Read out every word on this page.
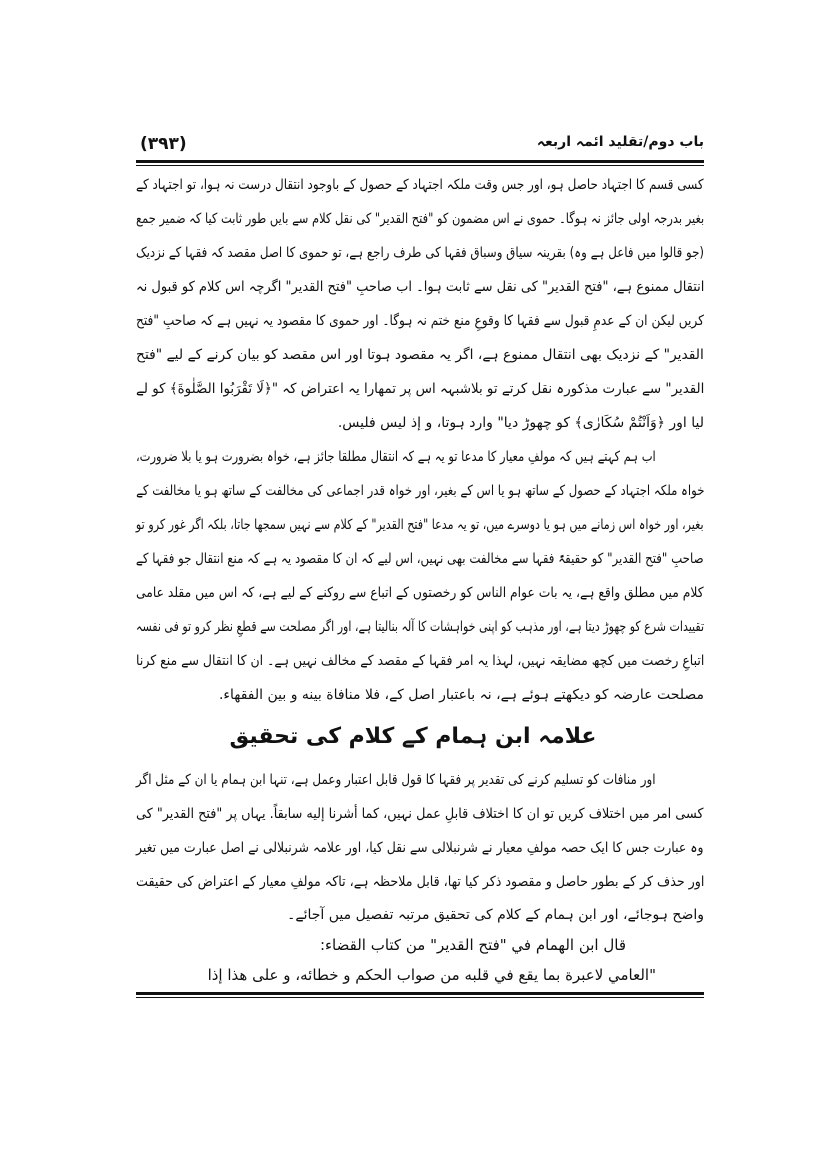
(۳۹۳)	باب دوم/تقلید ائمہ اربعہ
کسی قسم کا اجتہاد حاصل ہو، اور جس وقت ملکہ اجتہاد کے حصول کے باوجود انتقال درست نہ ہوا، تو اجتہاد کے
بغیر بدرجہ اولی جائز نہ ہوگا۔ حموی نے اس مضمون کو "فتح القدیر" کی نقل کلام سے بایں طور ثابت کیا کہ ضمیر جمع
(جو قالوا میں فاعل ہے وہ) بقرینہ سیاق وسباق فقہا کی طرف راجع ہے، تو حموی کا اصل مقصد کہ فقہا کے نزدیک
انتقال ممنوع ہے، "فتح القدیر" کی نقل سے ثابت ہوا۔ اب صاحبِ "فتح القدیر" اگرچہ اس کلام کو قبول نہ
کریں لیکن ان کے عدمِ قبول سے فقہا کا وقوعِ منع ختم نہ ہوگا۔ اور حموی کا مقصود یہ نہیں ہے کہ صاحبِ "فتح
القدیر" کے نزدیک بھی انتقال ممنوع ہے، اگر یہ مقصود ہوتا اور اس مقصد کو بیان کرنے کے لیے "فتح
القدیر" سے عبارت مذکورہ نقل کرتے تو بلاشبہہ اس پر تمھارا یہ اعتراض کہ "﴿لَا تَقْرَبُوا الصَّلٰوةَ﴾ کو لے
لیا اور ﴿وَاَنْتُمْ سُکَارٰی﴾ کو چھوڑ دیا" وارد ہوتا، و إذ لیس فلیس.
اب ہم کہتے ہیں کہ مولفِ معیار کا مدعا تو یہ ہے کہ انتقال مطلقا جائز ہے، خواہ بضرورت ہو یا بلا ضرورت،
خواہ ملکہ اجتہاد کے حصول کے ساتھ ہو یا اس کے بغیر، اور خواہ قدر اجماعی کی مخالفت کے ساتھ ہو یا مخالفت کے
بغیر، اور خواہ اس زمانے میں ہو یا دوسرے میں، تو یہ مدعا "فتح القدیر" کے کلام سے نہیں سمجھا جاتا، بلکہ اگر غور کرو تو
صاحبِ "فتح القدیر" کو حقیقۃً فقہا سے مخالفت بھی نہیں، اس لیے کہ ان کا مقصود یہ ہے کہ منع انتقال جو فقہا کے
کلام میں مطلق واقع ہے، یہ بات عوام الناس کو رخصتوں کے اتباع سے روکنے کے لیے ہے، کہ اس میں مقلد عامی
تقییدات شرع کو چھوڑ دیتا ہے، اور مذہب کو اپنی خواہشات کا آلہ بنالیتا ہے، اور اگر مصلحت سے قطعِ نظر کرو تو فی نفسہ
اتباعِ رخصت میں کچھ مضایقہ نہیں، لہذا یہ امر فقہا کے مقصد کے مخالف نہیں ہے۔ ان کا انتقال سے منع کرنا
مصلحت عارضہ کو دیکھتے ہوئے ہے، نہ باعتبار اصل کے، فلا منافاة بینه و بین الفقهاء.
علامہ ابن ہمام کے کلام کی تحقیق
اور منافات کو تسلیم کرنے کی تقدیر پر فقہا کا قول قابل اعتبار وعمل ہے، تنہا ابن ہمام یا ان کے مثل اگر
کسی امر میں اختلاف کریں تو ان کا اختلاف قابلِ عمل نہیں، کما أشرنا إلیه سابقاً. یہاں پر "فتح القدیر" کی
وہ عبارت جس کا ایک حصہ مولفِ معیار نے شرنبلالی سے نقل کیا، اور علامہ شرنبلالی نے اصل عبارت میں تغیر
اور حذف کر کے بطور حاصل و مقصود ذکر کیا تھا، قابل ملاحظہ ہے، تاکہ مولفِ معیار کے اعتراض کی حقیقت
واضح ہوجائے، اور ابن ہمام کے کلام کی تحقیق مرتبہ تفصیل میں آجائے۔
قال ابن الهمام في "فتح القدير" من كتاب القضاء:
"العامي لاعبرة بما يقع في قلبه من صواب الحكم و خطائه، و على هذا إذا
